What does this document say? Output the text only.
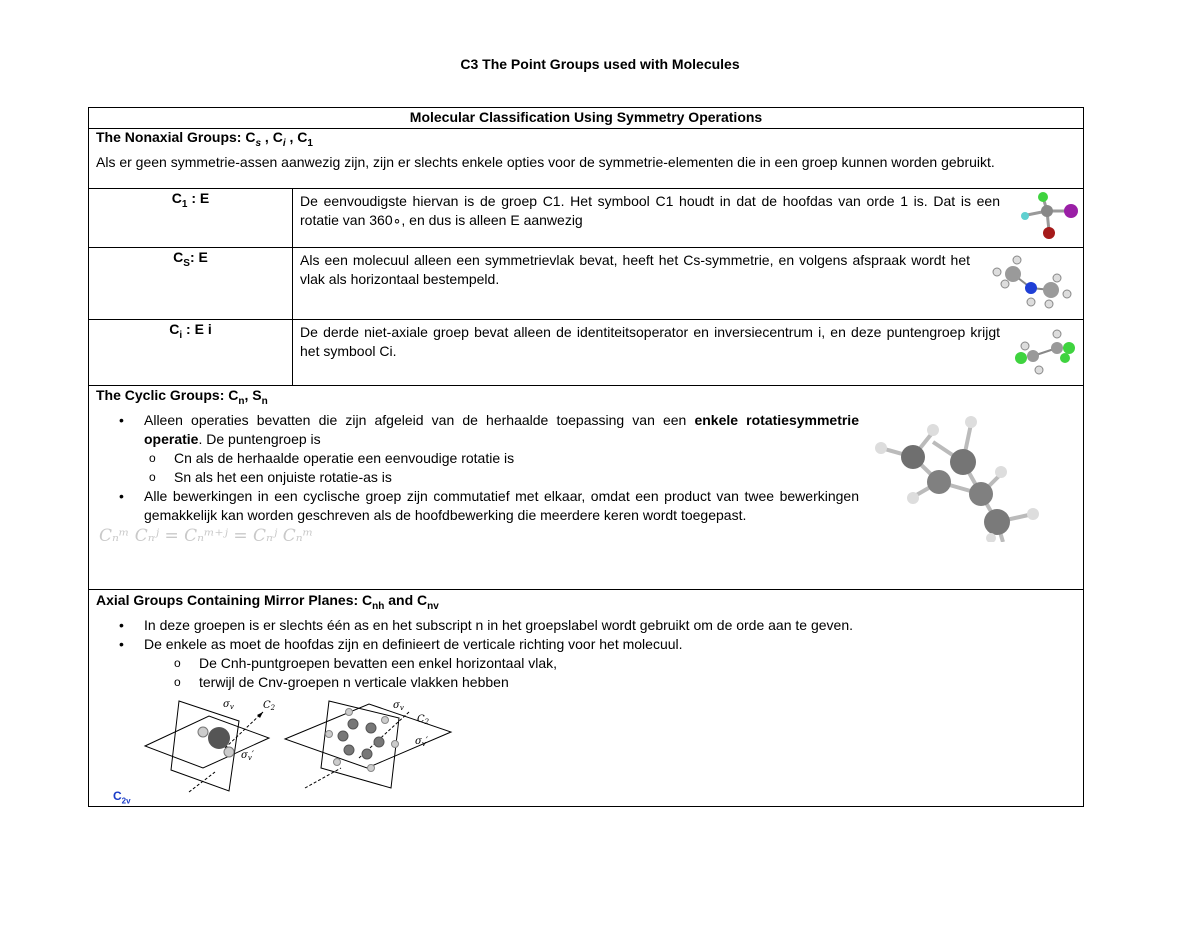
C3 The Point Groups used with Molecules
Molecular Classification Using Symmetry Operations
The Nonaxial Groups: $C_s$ , $C_i$ , $C_1$
Als er geen symmetrie-assen aanwezig zijn, zijn er slechts enkele opties voor de symmetrie-elementen die in een groep kunnen worden gebruikt.
$C_1$ : E	De eenvoudigste hiervan is de groep C1. Het symbool C1 houdt in dat de hoofdas van orde 1 is. Dat is een rotatie van 360∘, en dus is alleen E aanwezig
$C_S$: E	Als een molecuul alleen een symmetrievlak bevat, heeft het Cs-symmetrie, en volgens afspraak wordt het vlak als horizontaal bestempeld.
$C_i$ : E i	De derde niet-axiale groep bevat alleen de identiteitsoperator en inversiecentrum i, en deze puntengroep krijgt het symbool Ci.
The Cyclic Groups: $C_n$, $S_n$
• Alleen operaties bevatten die zijn afgeleid van de herhaalde toepassing van een enkele rotatiesymmetrie operatie. De puntengroep is
o Cn als de herhaalde operatie een eenvoudige rotatie is
o Sn als het een onjuiste rotatie-as is
• Alle bewerkingen in een cyclische groep zijn commutatief met elkaar, omdat een product van twee bewerkingen gemakkelijk kan worden geschreven als de hoofdbewerking die meerdere keren wordt toegepast.
Cₙᵐ Cₙʲ = Cₙᵐ⁺ʲ = Cₙʲ Cₙᵐ
Axial Groups Containing Mirror Planes: $C_{nh}$ and $C_{nv}$
• In deze groepen is er slechts één as en het subscript n in het groepslabel wordt gebruikt om de orde aan te geven.
• De enkele as moet de hoofdas zijn en definieert de verticale richting voor het molecuul.
o De Cnh-puntgroepen bevatten een enkel horizontaal vlak,
o terwijl de Cnv-groepen n verticale vlakken hebben
$\sigma_v$	$C_2$
$\sigma_v'$
$\sigma_v$
$C_2$
$\sigma_v'$
$C_{2v}$
